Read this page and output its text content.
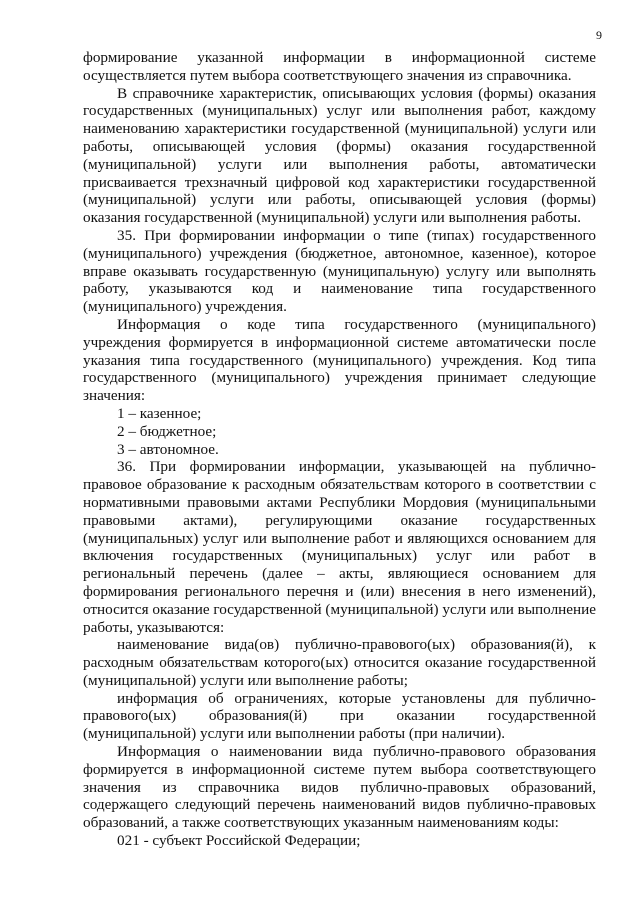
9

формирование указанной информации в информационной системе осуществляется путем выбора соответствующего значения из справочника.

В справочнике характеристик, описывающих условия (формы) оказания государственных (муниципальных) услуг или выполнения работ, каждому наименованию характеристики государственной (муниципальной) услуги или работы, описывающей условия (формы) оказания государственной (муниципальной) услуги или выполнения работы, автоматически присваивается трехзначный цифровой код характеристики государственной (муниципальной) услуги или работы, описывающей условия (формы) оказания государственной (муниципальной) услуги или выполнения работы.

35. При формировании информации о типе (типах) государственного (муниципального) учреждения (бюджетное, автономное, казенное), которое вправе оказывать государственную (муниципальную) услугу или выполнять работу, указываются код и наименование типа государственного (муниципального) учреждения.

Информация о коде типа государственного (муниципального) учреждения формируется в информационной системе автоматически после указания типа государственного (муниципального) учреждения. Код типа государственного (муниципального) учреждения принимает следующие значения:

1 – казенное;

2 – бюджетное;

3 – автономное.

36. При формировании информации, указывающей на публично-правовое образование к расходным обязательствам которого в соответствии с нормативными правовыми актами Республики Мордовия (муниципальными правовыми актами), регулирующими оказание государственных (муниципальных) услуг или выполнение работ и являющихся основанием для включения государственных (муниципальных) услуг или работ в региональный перечень (далее – акты, являющиеся основанием для формирования регионального перечня и (или) внесения в него изменений), относится оказание государственной (муниципальной) услуги или выполнение работы, указываются:

наименование вида(ов) публично-правового(ых) образования(й), к расходным обязательствам которого(ых) относится оказание государственной (муниципальной) услуги или выполнение работы;

информация об ограничениях, которые установлены для публично-правового(ых) образования(й) при оказании государственной (муниципальной) услуги или выполнении работы (при наличии).

Информация о наименовании вида публично-правового образования формируется в информационной системе путем выбора соответствующего значения из справочника видов публично-правовых образований, содержащего следующий перечень наименований видов публично-правовых образований, а также соответствующих указанным наименованиям коды:

021 - субъект Российской Федерации;
